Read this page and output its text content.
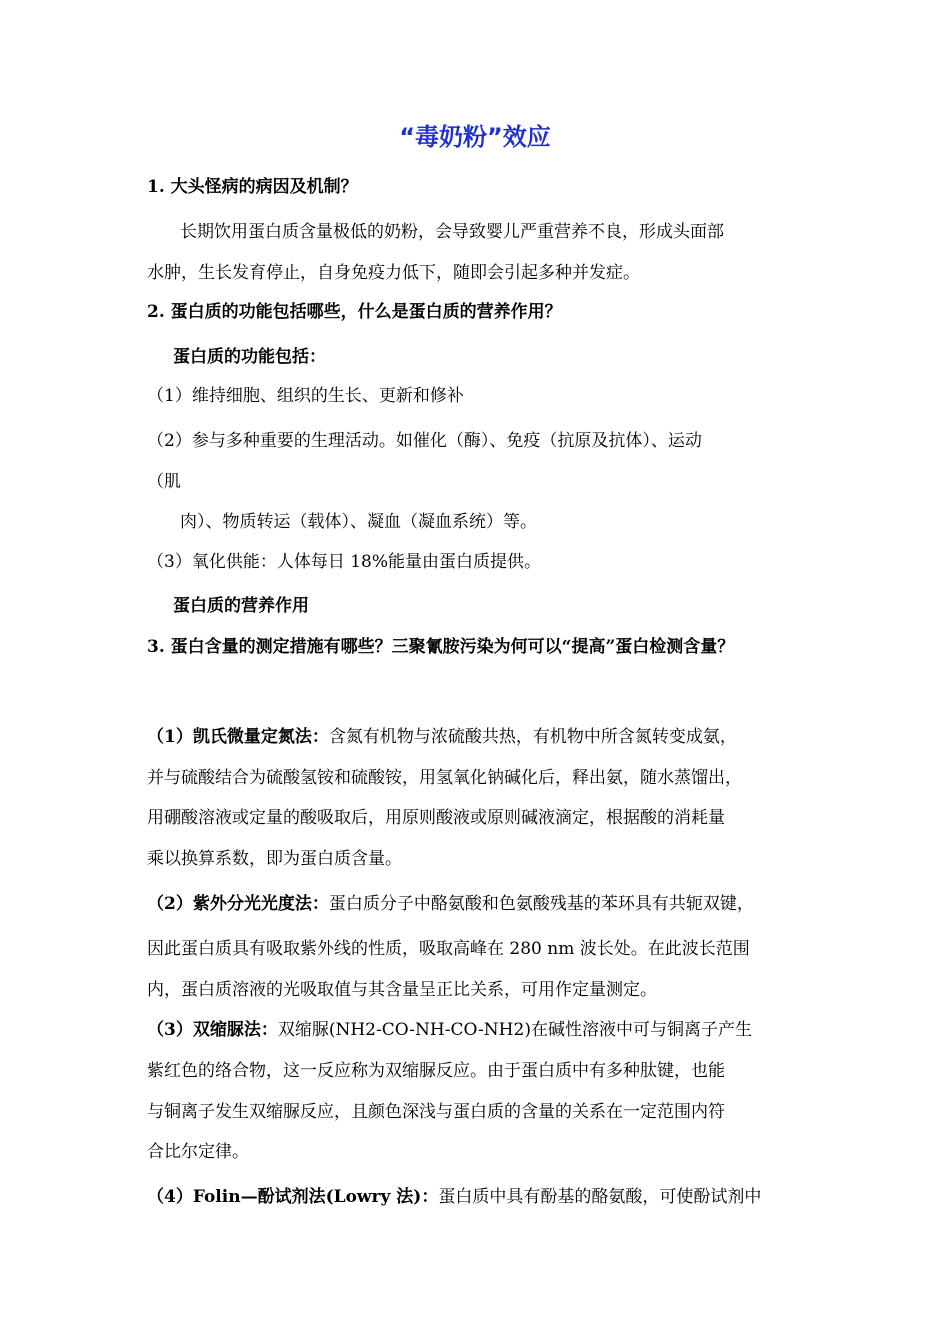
“毒奶粉”效应
1. 大头怪病的病因及机制？
长期饮用蛋白质含量极低的奶粉，会导致婴儿严重营养不良，形成头面部
水肿，生长发育停止，自身免疫力低下，随即会引起多种并发症。
2. 蛋白质的功能包括哪些，什么是蛋白质的营养作用？
蛋白质的功能包括：
（1）维持细胞、组织的生长、更新和修补
（2）参与多种重要的生理活动。如催化（酶）、免疫（抗原及抗体）、运动
（肌
肉）、物质转运（载体）、凝血（凝血系统）等。
（3）氧化供能：人体每日 18%能量由蛋白质提供。
蛋白质的营养作用
3. 蛋白含量的测定措施有哪些？三聚氰胺污染为何可以“提高”蛋白检测含量？
（1）凯氏微量定氮法：含氮有机物与浓硫酸共热，有机物中所含氮转变成氨，
并与硫酸结合为硫酸氢铵和硫酸铵，用氢氧化钠碱化后，释出氨，随水蒸馏出，
用硼酸溶液或定量的酸吸取后，用原则酸液或原则碱液滴定，根据酸的消耗量
乘以换算系数，即为蛋白质含量。
（2）紫外分光光度法：蛋白质分子中酪氨酸和色氨酸残基的苯环具有共轭双键，
因此蛋白质具有吸取紫外线的性质，吸取高峰在 280 nm 波长处。在此波长范围
内，蛋白质溶液的光吸取值与其含量呈正比关系，可用作定量测定。
（3）双缩脲法：双缩脲(NH2-CO-NH-CO-NH2)在碱性溶液中可与铜离子产生
紫红色的络合物，这一反应称为双缩脲反应。由于蛋白质中有多种肽键，也能
与铜离子发生双缩脲反应，且颜色深浅与蛋白质的含量的关系在一定范围内符
合比尔定律。
（4）Folin—酚试剂法(Lowry 法)：蛋白质中具有酚基的酪氨酸，可使酚试剂中
